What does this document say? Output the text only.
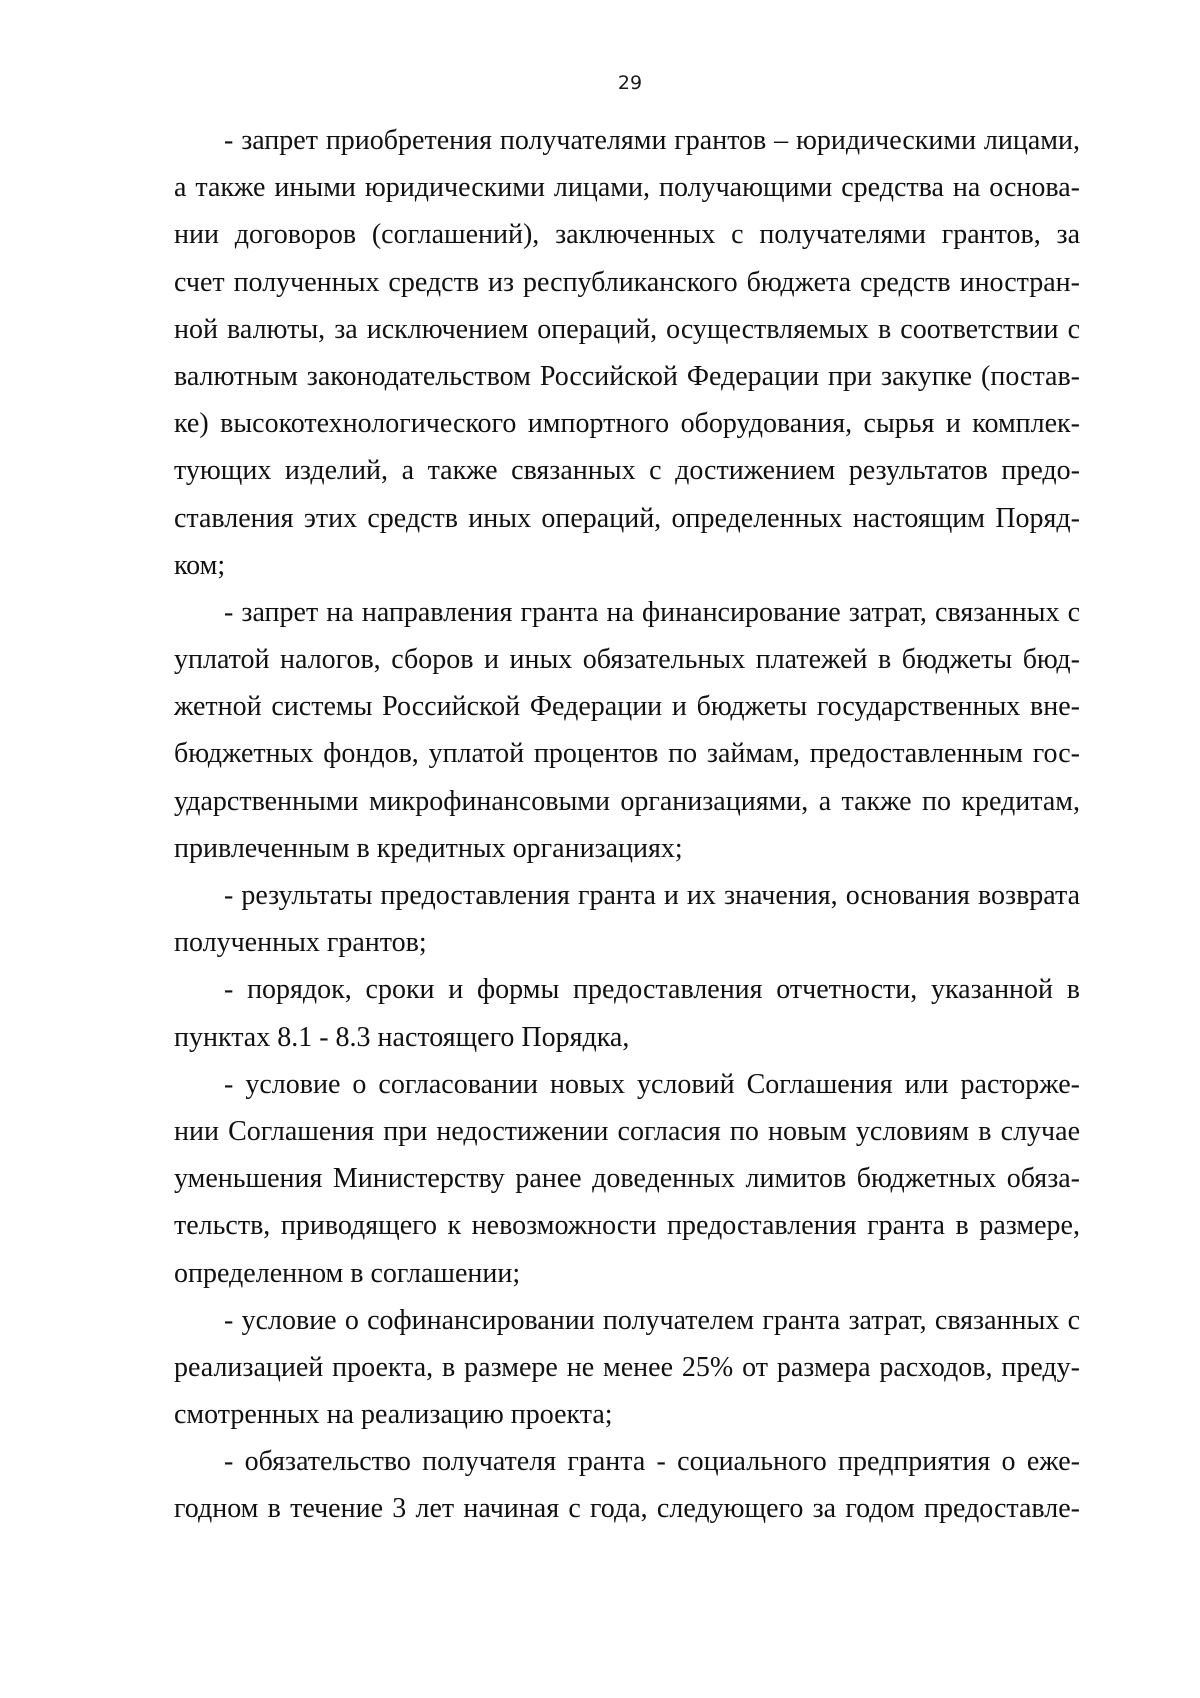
29
- запрет приобретения получателями грантов – юридическими лицами,
а также иными юридическими лицами, получающими средства на основа-
нии договоров (соглашений), заключенных с получателями грантов, за
счет полученных средств из республиканского бюджета средств иностран-
ной валюты, за исключением операций, осуществляемых в соответствии с
валютным законодательством Российской Федерации при закупке (постав-
ке) высокотехнологического импортного оборудования, сырья и комплек-
тующих изделий, а также связанных с достижением результатов предо-
ставления этих средств иных операций, определенных настоящим Поряд-
ком;
- запрет на направления гранта на финансирование затрат, связанных с
уплатой налогов, сборов и иных обязательных платежей в бюджеты бюд-
жетной системы Российской Федерации и бюджеты государственных вне-
бюджетных фондов, уплатой процентов по займам, предоставленным гос-
ударственными микрофинансовыми организациями, а также по кредитам,
привлеченным в кредитных организациях;
- результаты предоставления гранта и их значения, основания возврата
полученных грантов;
- порядок, сроки и формы предоставления отчетности, указанной в
пунктах 8.1 - 8.3 настоящего Порядка,
- условие о согласовании новых условий Соглашения или расторже-
нии Соглашения при недостижении согласия по новым условиям в случае
уменьшения Министерству ранее доведенных лимитов бюджетных обяза-
тельств, приводящего к невозможности предоставления гранта в размере,
определенном в соглашении;
- условие о софинансировании получателем гранта затрат, связанных с
реализацией проекта, в размере не менее 25% от размера расходов, преду-
смотренных на реализацию проекта;
- обязательство получателя гранта - социального предприятия о еже-
годном в течение 3 лет начиная с года, следующего за годом предоставле-
